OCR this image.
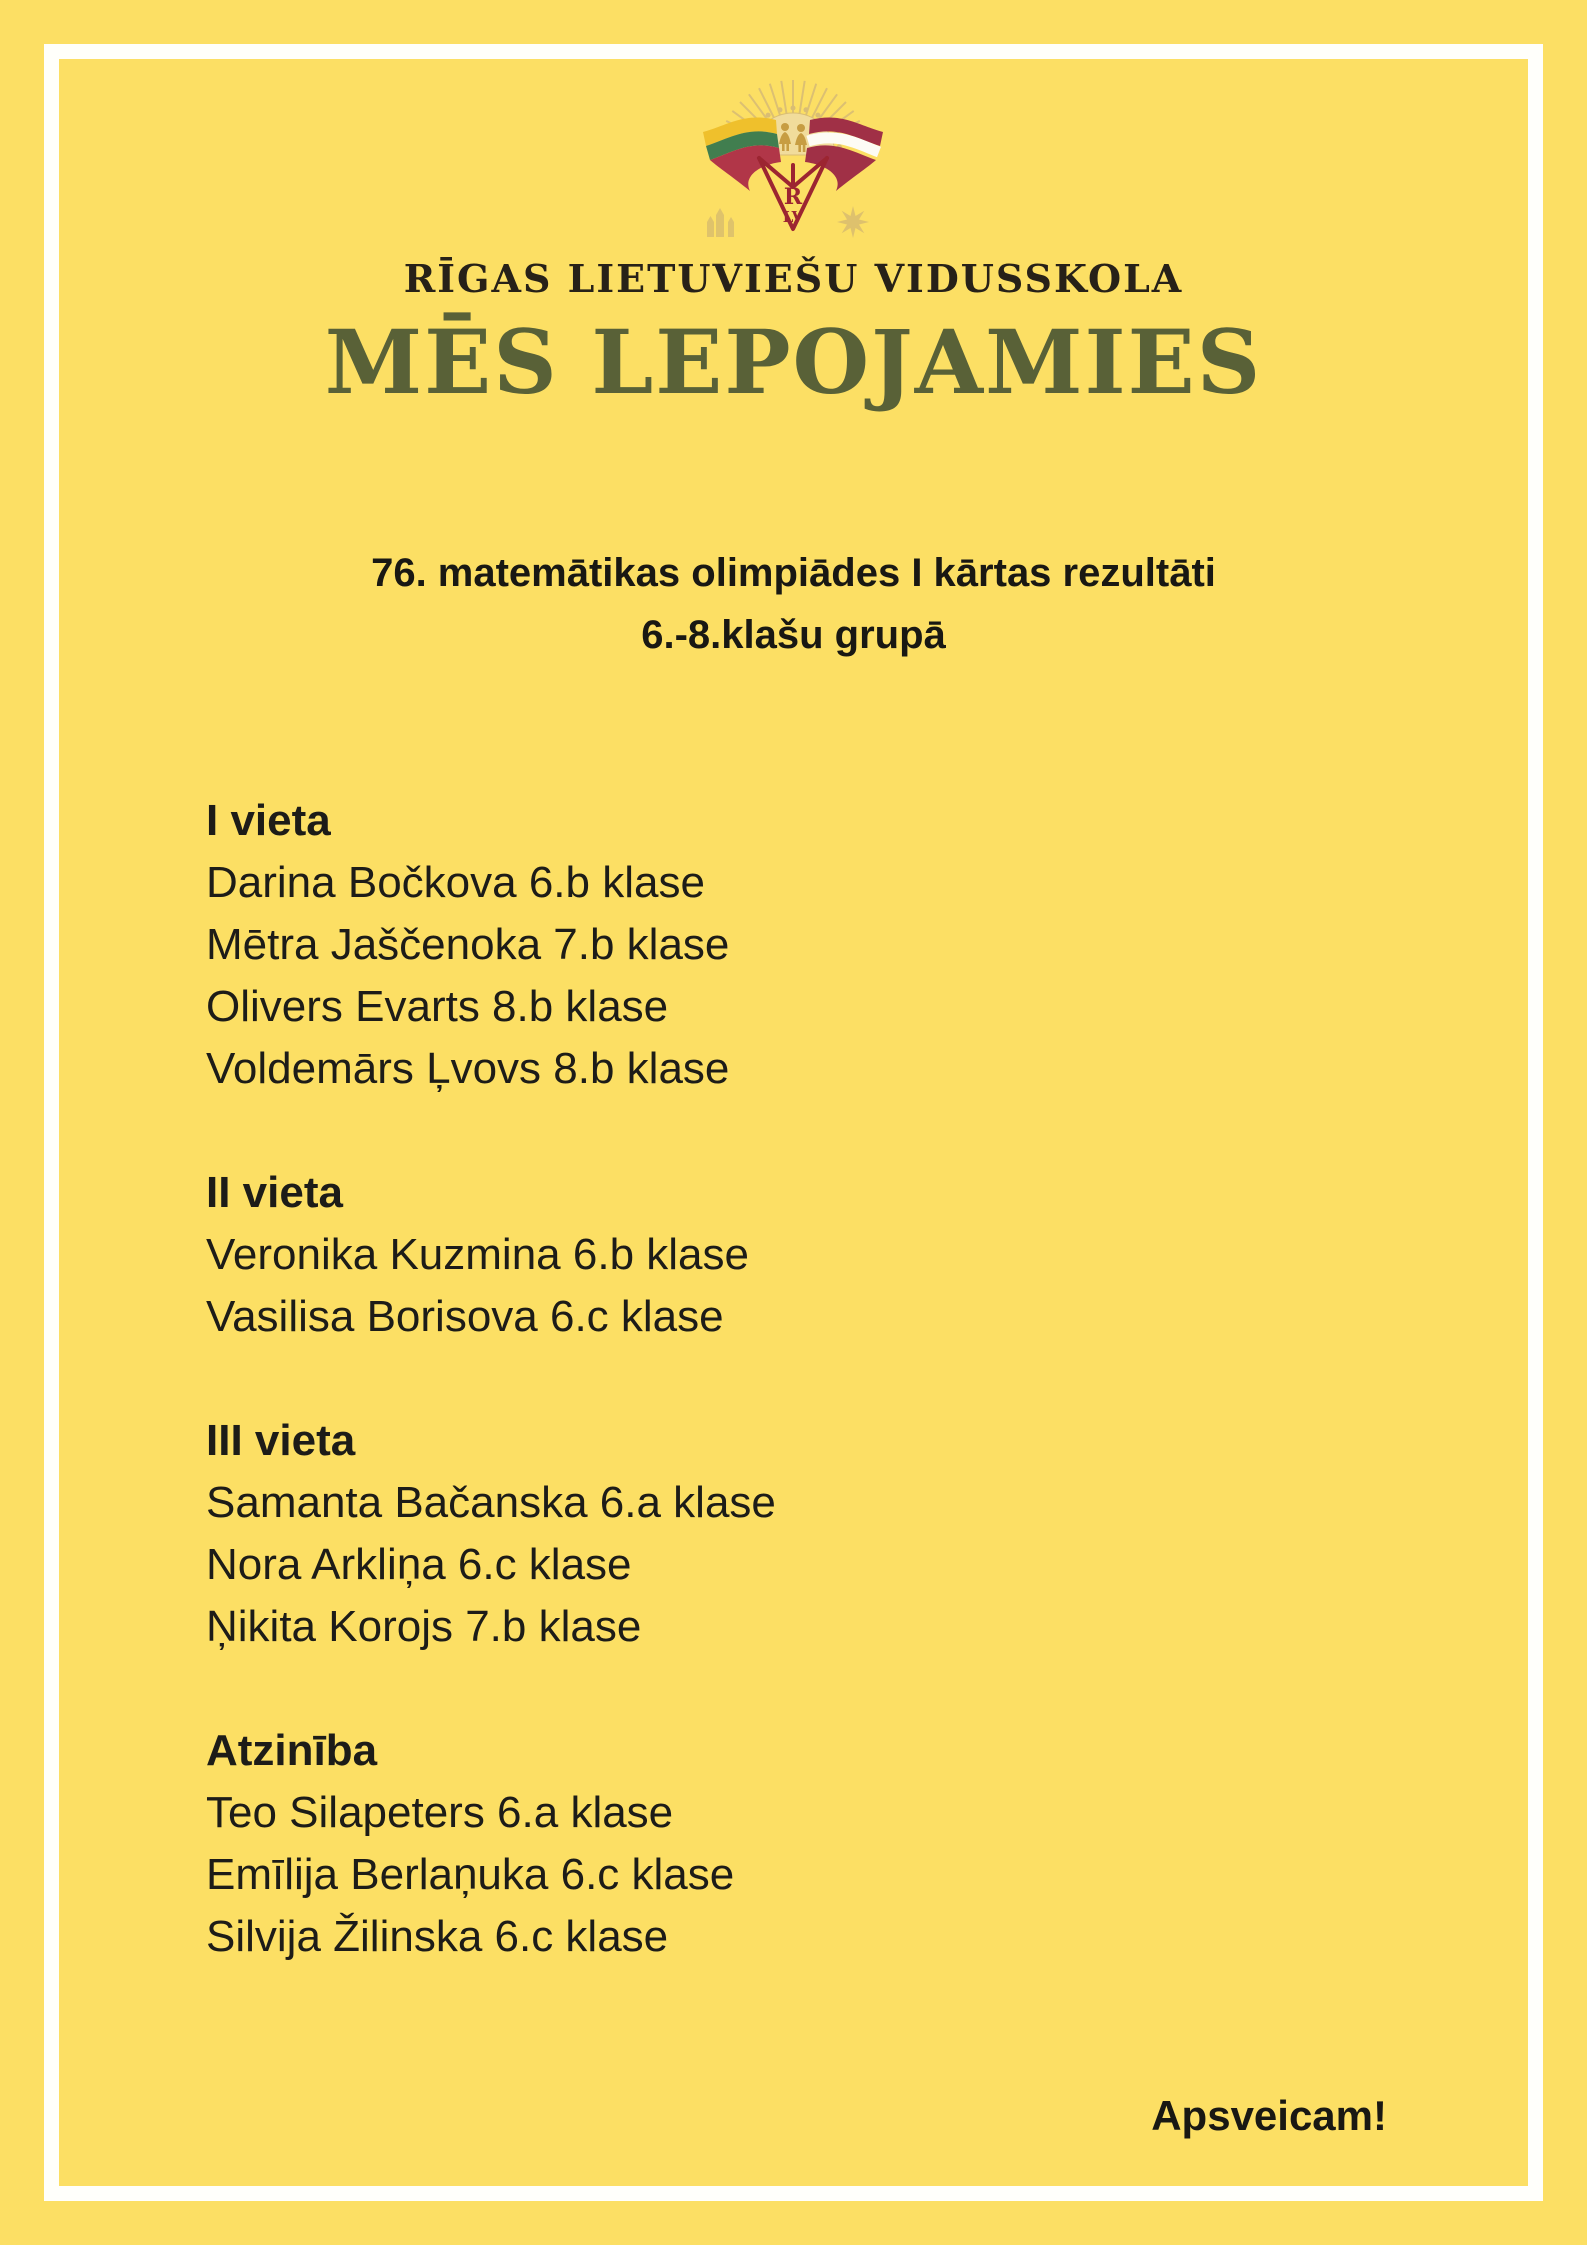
R
LV
RĪGAS LIETUVIEŠU VIDUSSKOLA
MĒS LEPOJAMIES
76. matemātikas olimpiādes I kārtas rezultāti
6.-8.klašu grupā
I vieta
Darina Bočkova 6.b klase
Mētra Jaščenoka 7.b klase
Olivers Evarts 8.b klase
Voldemārs Ļvovs 8.b klase
II vieta
Veronika Kuzmina 6.b klase
Vasilisa Borisova 6.c klase
III vieta
Samanta Bačanska 6.a klase
Nora Arkliņa 6.c klase
Ņikita Korojs 7.b klase
Atzinība
Teo Silapeters 6.a klase
Emīlija Berlaņuka 6.c klase
Silvija Žilinska 6.c klase
Apsveicam!
